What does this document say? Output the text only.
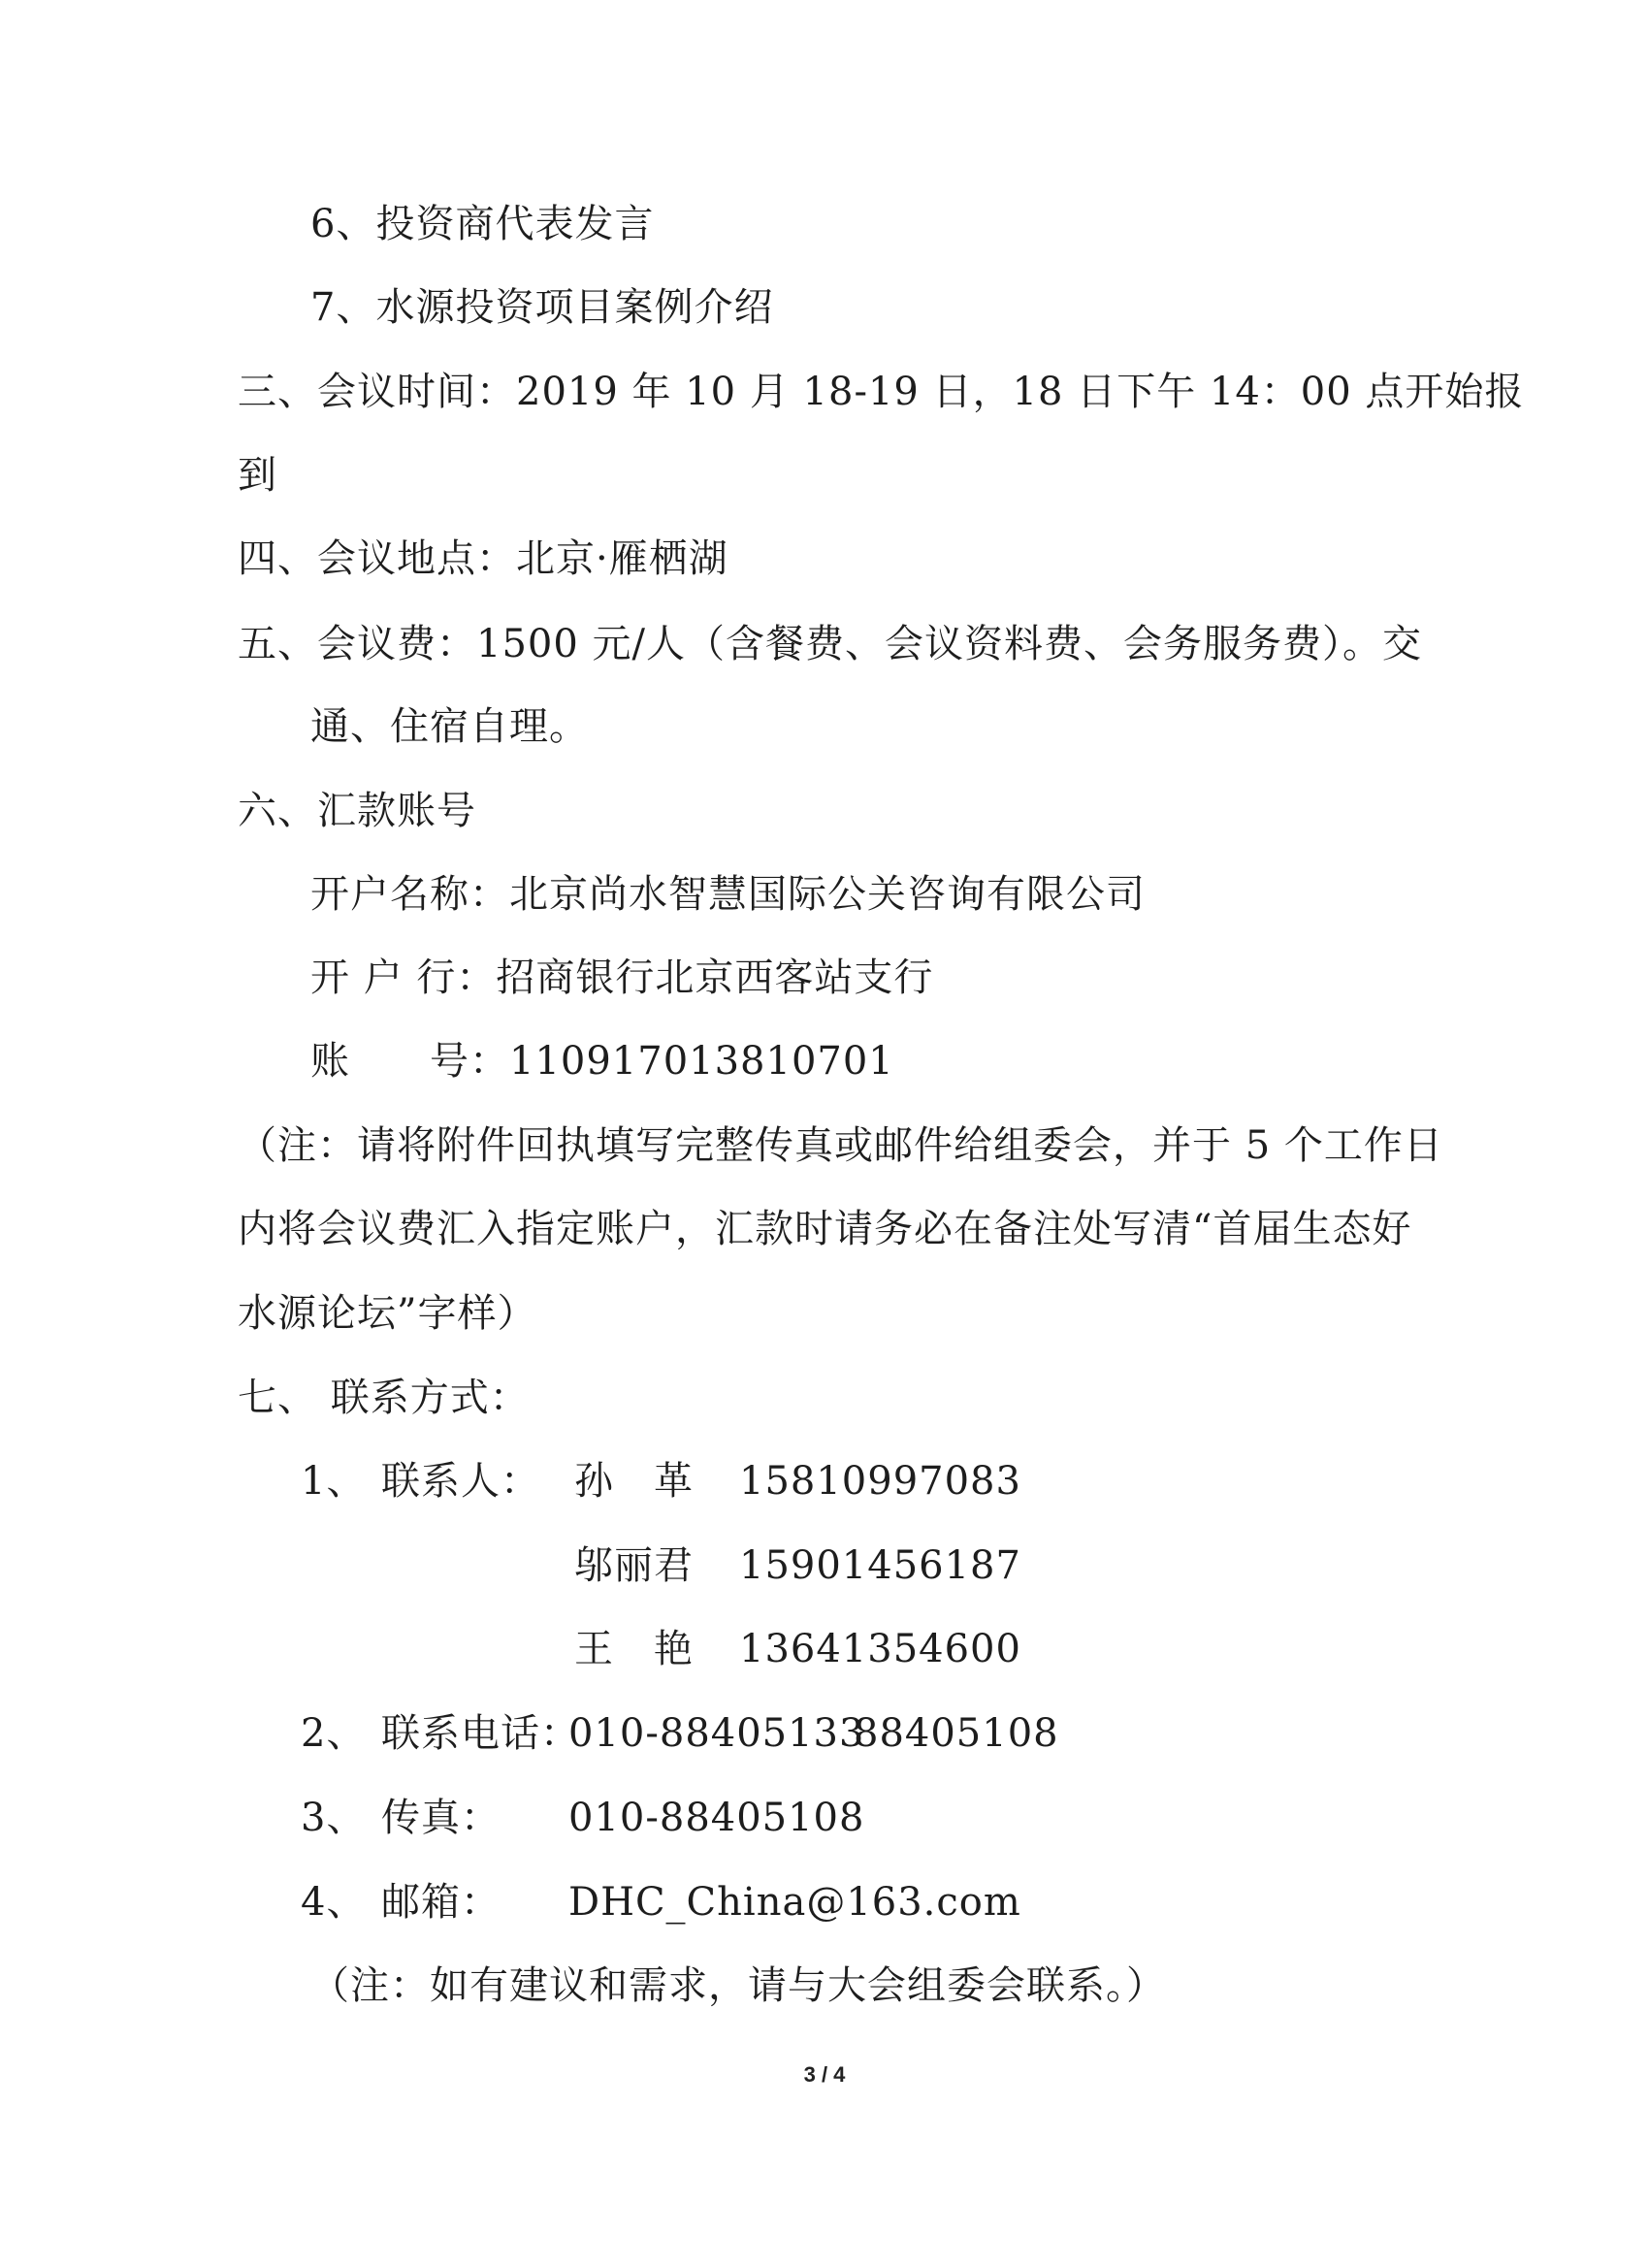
6、投资商代表发言
7、水源投资项目案例介绍
三、会议时间：2019 年 10 月 18-19 日，18 日下午 14：00 点开始报
到
四、会议地点：北京·雁栖湖
五、会议费：1500 元/人（含餐费、会议资料费、会务服务费）。交
通、住宿自理。
六、汇款账号
开户名称：北京尚水智慧国际公关咨询有限公司
开 户 行：招商银行北京西客站支行
账　　号：110917013810701
（注：请将附件回执填写完整传真或邮件给组委会，并于 5 个工作日
内将会议费汇入指定账户，汇款时请务必在备注处写清“首届生态好
水源论坛”字样）
七、 联系方式：
1、 联系人： 孙　革 15810997083
邬丽君 15901456187
王　艳 13641354600
2、 联系电话：
010-88405133
88405108
3、 传真： 010-88405108
4、 邮箱： DHC_China@163.com
（注：如有建议和需求，请与大会组委会联系。）
3 / 4
